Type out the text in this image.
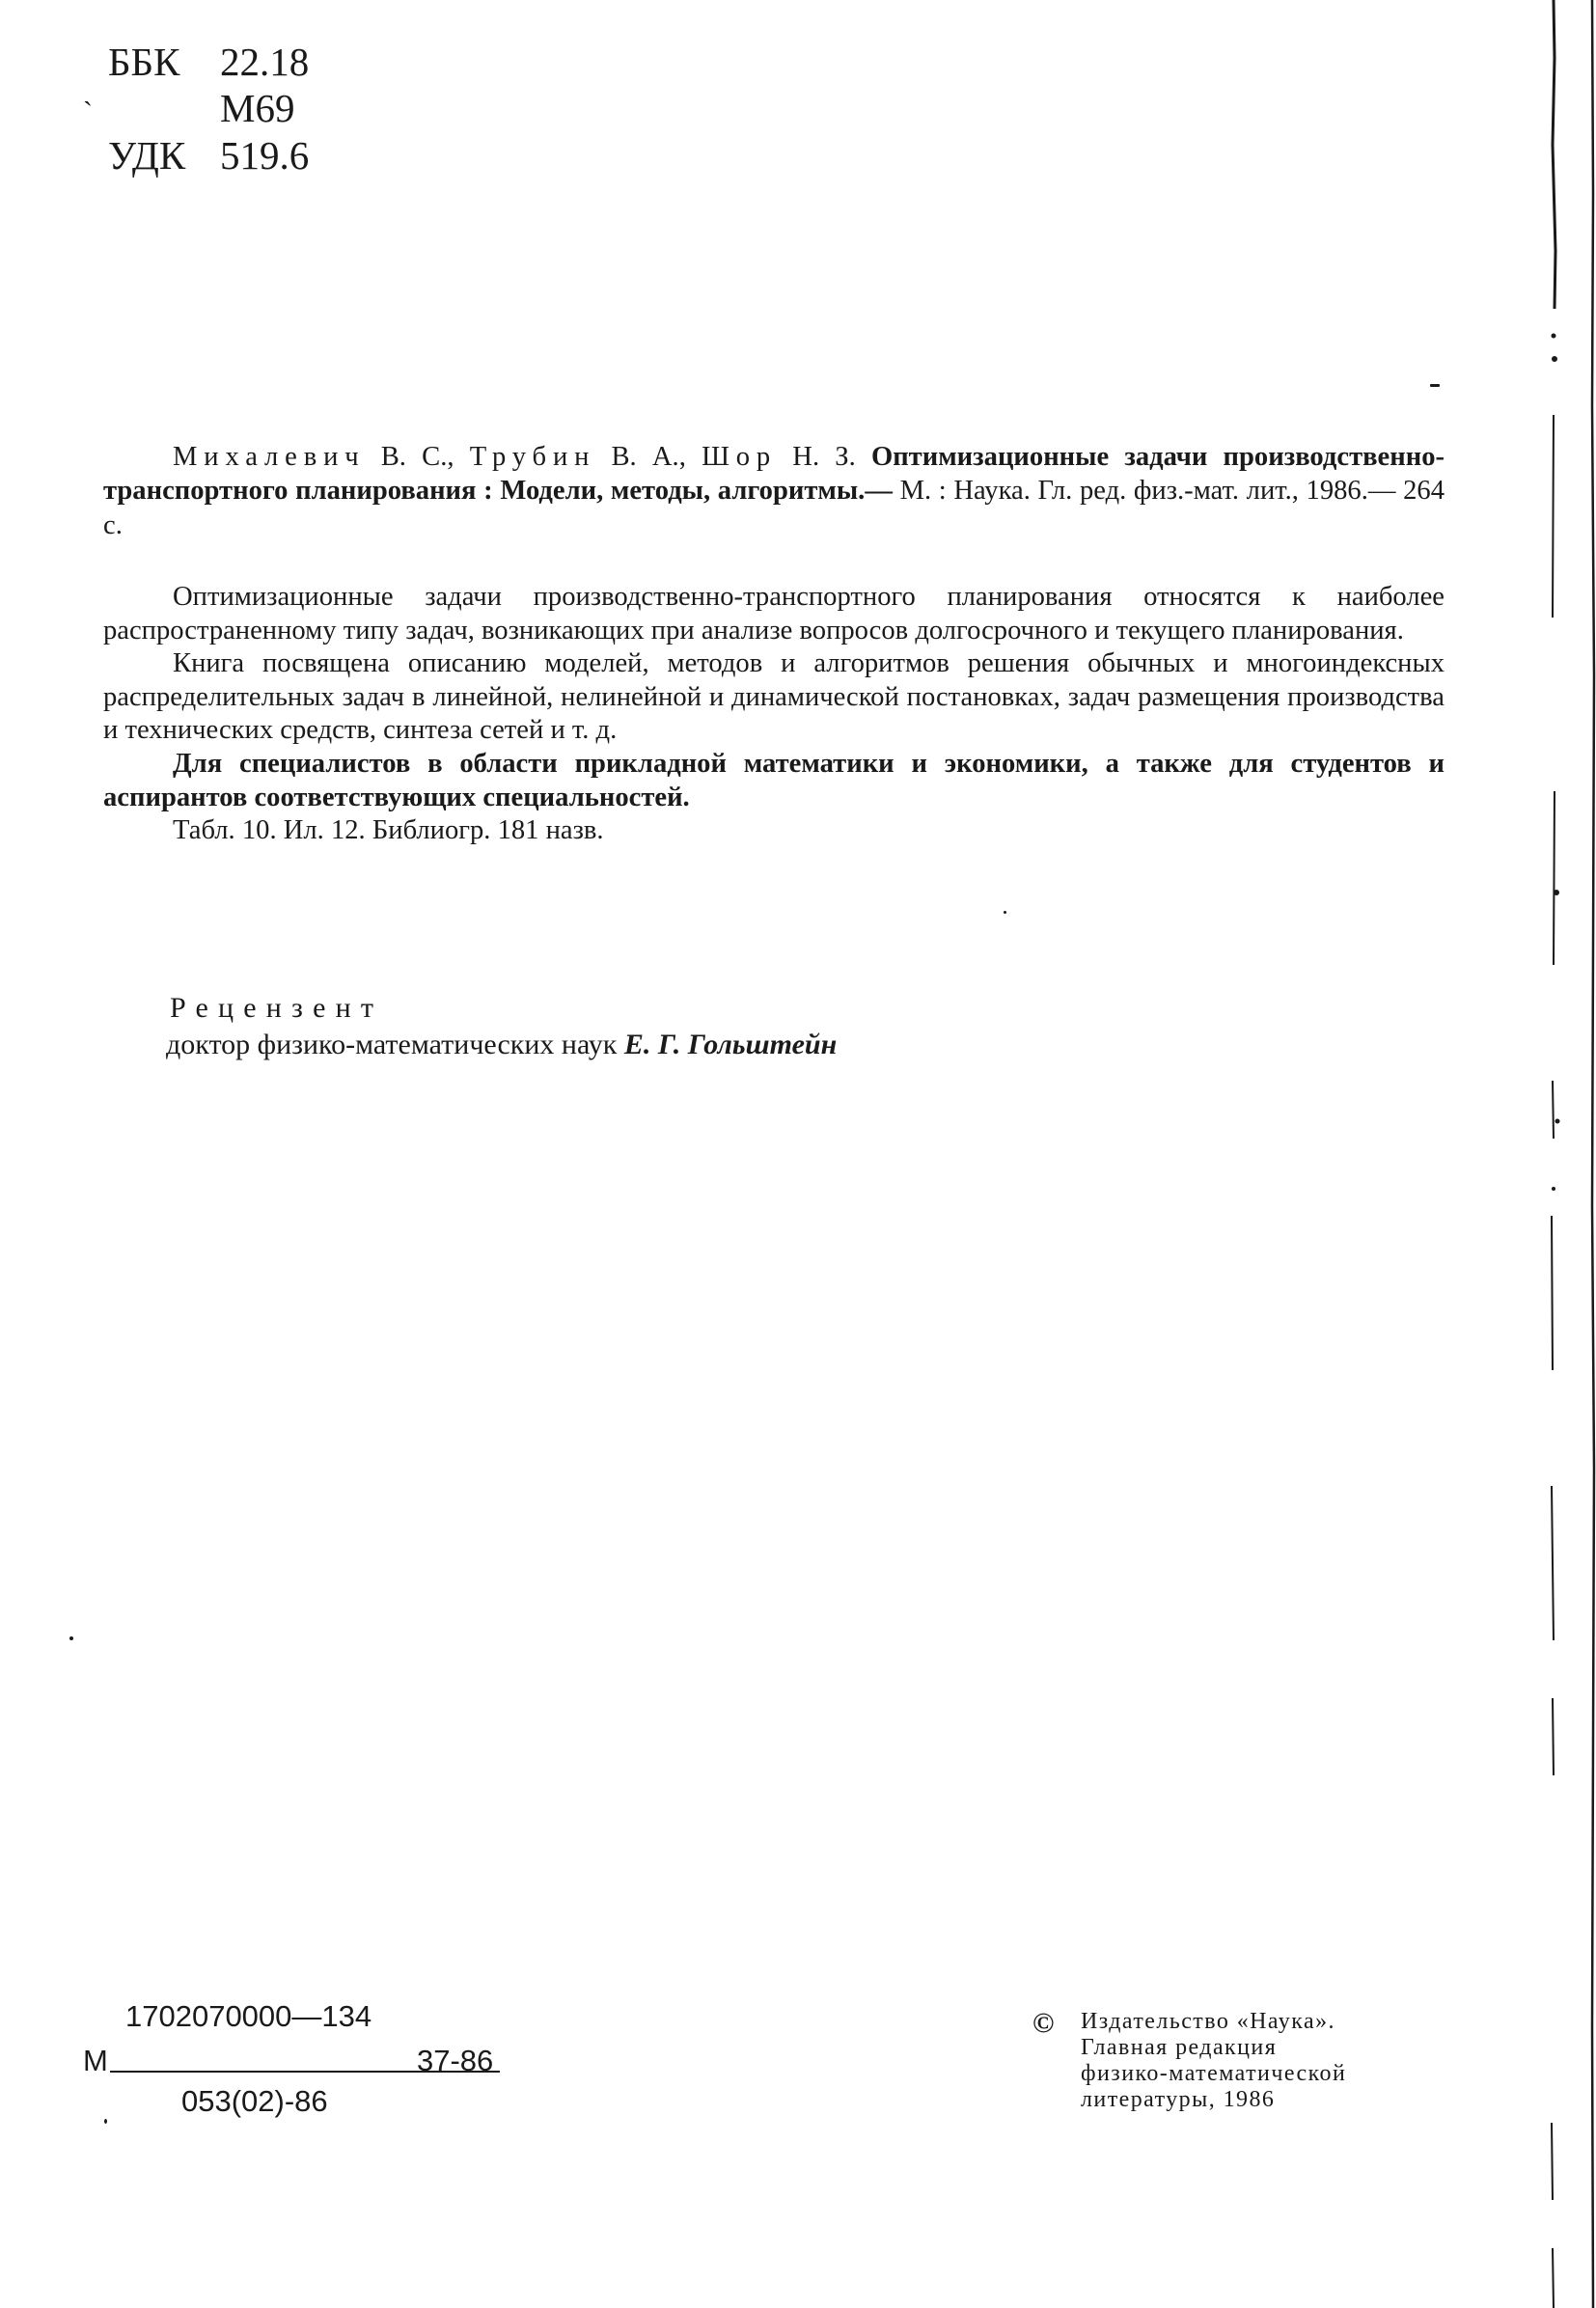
ˎ
ББК 22.18
М69
УДК 519.6

Михалевич В. С., Трубин В. А., Шор Н. З. Оптимизационные задачи производственно-транспортного планирования : Модели, методы, алгоритмы.— М. : Наука. Гл. ред. физ.-мат. лит., 1986.— 264 с.

Оптимизационные задачи производственно-транспортного планирования относятся к наиболее распространенному типу задач, возникающих при анализе вопросов долгосрочного и текущего планирования.

Книга посвящена описанию моделей, методов и алгоритмов решения обычных и многоиндексных распределительных задач в линейной, нелинейной и динамической постановках, задач размещения производства и технических средств, синтеза сетей и т. д.

Для специалистов в области прикладной математики и экономики, а также для студентов и аспирантов соответствующих специальностей.

Табл. 10. Ил. 12. Библиогр. 181 назв.

Рецензент
доктор физико-математических наук Е. Г. Гольштейн
1702070000—134
М	37-86
053(02)-86
© Издательство «Наука».
Главная редакция
физико-математической
литературы, 1986
